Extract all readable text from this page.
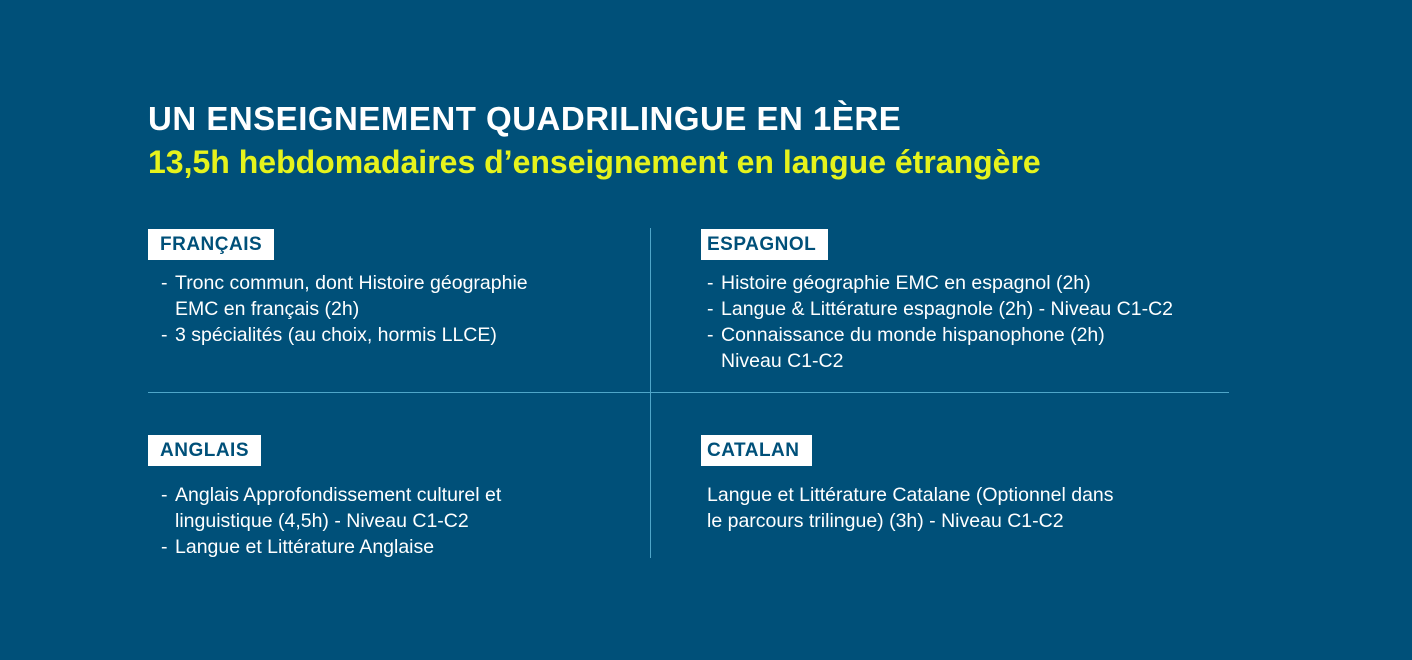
UN ENSEIGNEMENT QUADRILINGUE EN 1ÈRE
13,5h hebdomadaires d’enseignement en langue étrangère
FRANÇAIS
- Tronc commun, dont Histoire géographie
EMC en français (2h)
- 3 spécialités (au choix, hormis LLCE)
ESPAGNOL
- Histoire géographie EMC en espagnol (2h)
- Langue & Littérature espagnole (2h) - Niveau C1-C2
- Connaissance du monde hispanophone (2h)
Niveau C1-C2
ANGLAIS
- Anglais Approfondissement culturel et
linguistique (4,5h) - Niveau C1-C2
- Langue et Littérature Anglaise
CATALAN

Langue et Littérature Catalane (Optionnel dans
le parcours trilingue) (3h) - Niveau C1-C2
